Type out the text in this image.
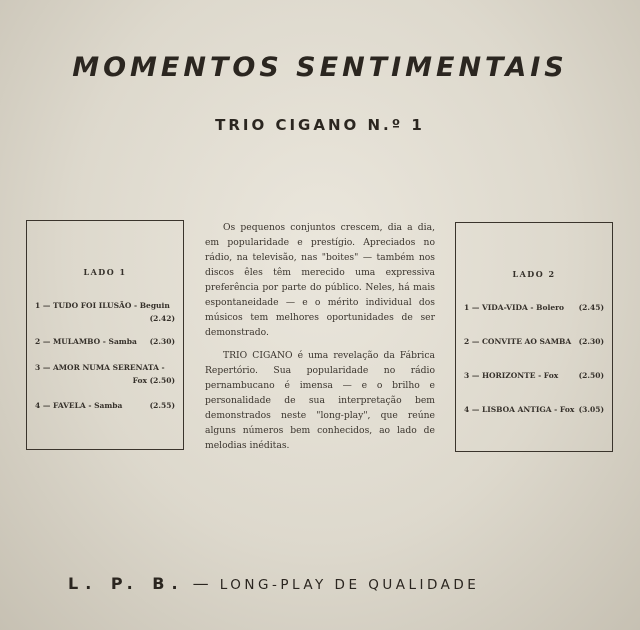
MOMENTOS SENTIMENTAIS
TRIO CIGANO N.º 1
LADO 1
1 — TUDO FOI ILUSÃO - Beguin
(2.42)
2 — MULAMBO - Samba (2.30)
3 — AMOR NUMA SERENATA -
Fox (2.50)
4 — FAVELA - Samba	(2.55)

Os pequenos conjuntos crescem, dia a dia, em popularidade e prestígio. Apreciados no rádio, na televisão, nas "boites" — também nos discos êles têm merecido uma expressiva preferência por parte do público. Neles, há mais espontaneidade — e o mérito individual dos músicos tem melhores oportunidades de ser demonstrado.

TRIO CIGANO é uma revelação da Fábrica Repertório. Sua popularidade no rádio pernambucano é imensa — e o brilho e personalidade de sua interpretação bem demonstrados neste "long-play", que reúne alguns números bem conhecidos, ao lado de melodias inéditas.

LADO 2
1 — VIDA-VIDA - Bolero (2.45)
2 — CONVITE AO SAMBA (2.30)
3 — HORIZONTE - Fox	(2.50)
4 — LISBOA ANTIGA - Fox (3.05)
L. P. B. — LONG-PLAY DE QUALIDADE
